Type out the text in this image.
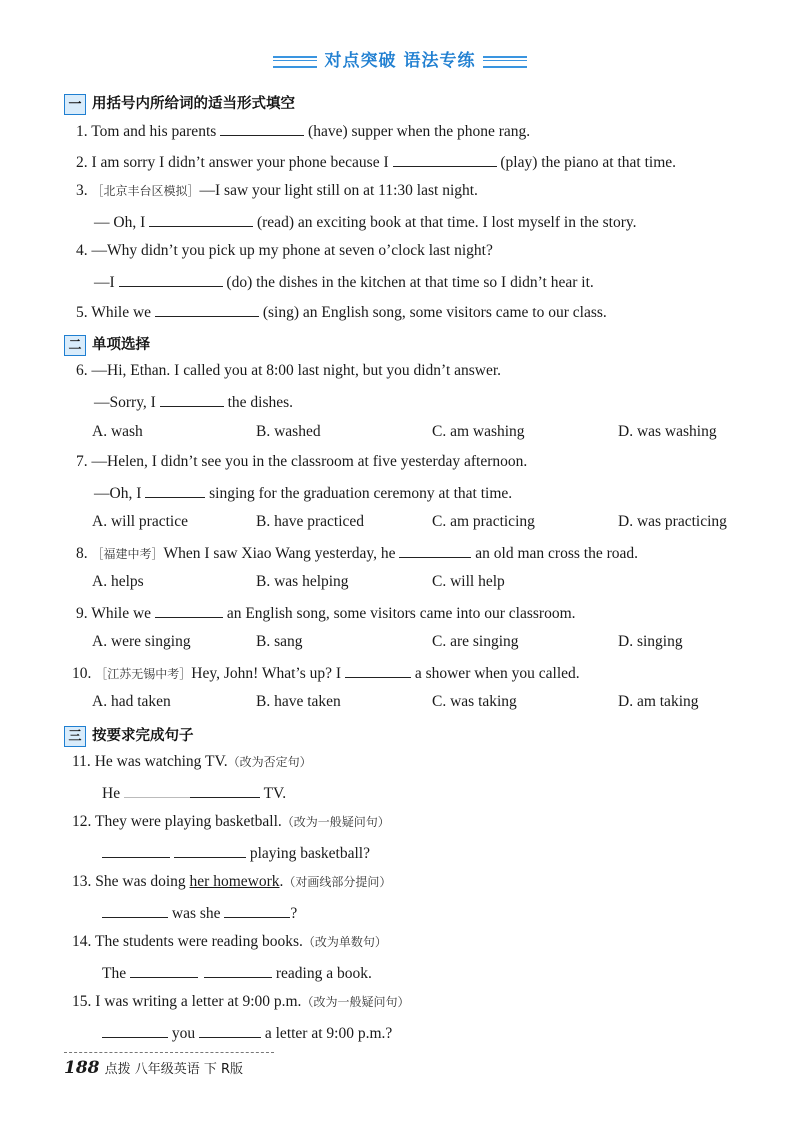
对点突破 语法专练
一 用括号内所给词的适当形式填空
1. Tom and his parents	(have) supper when the phone rang.
2. I am sorry I didn’t answer your phone because I	(play) the piano at that time.
3. ［北京丰台区模拟］—I saw your light still on at 11:30 last night.
— Oh, I	(read) an exciting book at that time. I lost myself in the story.
4. —Why didn’t you pick up my phone at seven o’clock last night?
—I	(do) the dishes in the kitchen at that time so I didn’t hear it.
5. While we	(sing) an English song, some visitors came to our class.
二 单项选择
6. —Hi, Ethan. I called you at 8:00 last night, but you didn’t answer.
—Sorry, I	the dishes.
A. wash	B. washed	C. am washing	D. was washing
7. —Helen, I didn’t see you in the classroom at five yesterday afternoon.
—Oh, I	singing for the graduation ceremony at that time.
A. will practice	B. have practiced	C. am practicing	D. was practicing
8. ［福建中考］When I saw Xiao Wang yesterday, he	an old man cross the road.
A. helps	B. was helping	C. will help
9. While we	an English song, some visitors came into our classroom.
A. were singing	B. sang	C. are singing	D. singing
10. ［江苏无锡中考］Hey, John! What’s up? I	a shower when you called.
A. had taken	B. have taken	C. was taking	D. am taking
三 按要求完成句子
11. He was watching TV.（改为否定句）
He	TV.
12. They were playing basketball.（改为一般疑问句）
playing basketball?
13. She was doing her homework.（对画线部分提问）
was she	?
14. The students were reading books.（改为单数句）
The	reading a book.
15. I was writing a letter at 9:00 p.m.（改为一般疑问句）
you	a letter at 9:00 p.m.?
188 点拨 八年级英语 下 R版
